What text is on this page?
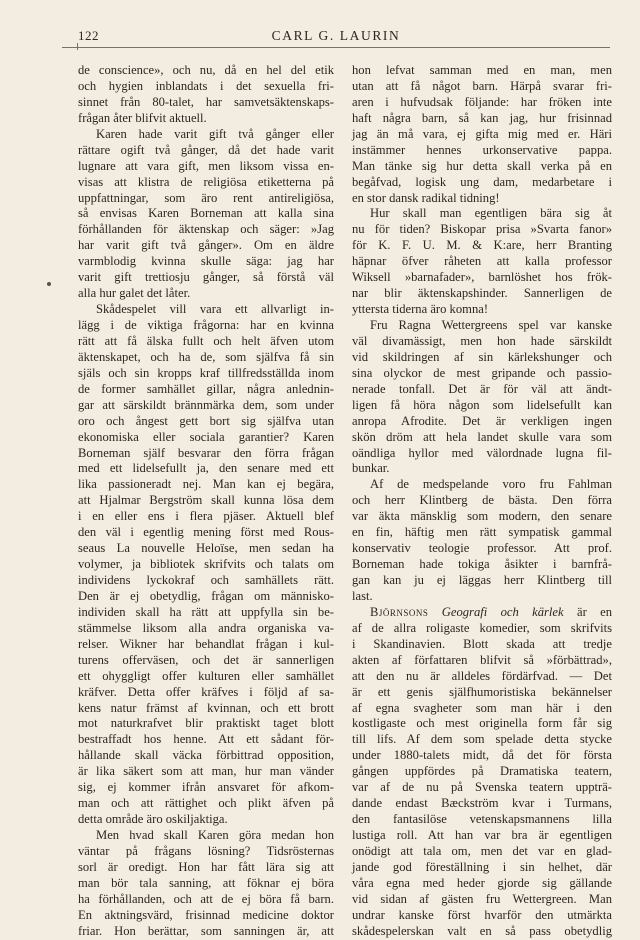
122	CARL G. LAURIN
de conscience», och nu, då en hel del etik
och hygien inblandats i det sexuella fri-
sinnet från 80-talet, har samvetsäktenskaps-
frågan åter blifvit aktuell.
Karen hade varit gift två gånger eller
rättare ogift två gånger, då det hade varit
lugnare att vara gift, men liksom vissa en-
visas att klistra de religiösa etiketterna på
uppfattningar, som äro rent antireligiösa,
så envisas Karen Borneman att kalla sina
förhållanden för äktenskap och säger: »Jag
har varit gift två gånger». Om en äldre
varmblodig kvinna skulle säga: jag har
varit gift trettiosju gånger, så förstå väl
alla hur galet det låter.
Skådespelet vill vara ett allvarligt in-
lägg i de viktiga frågorna: har en kvinna
rätt att få älska fullt och helt äfven utom
äktenskapet, och ha de, som själfva få sin
själs och sin kropps kraf tillfredsställda inom
de former samhället gillar, några anlednin-
gar att särskildt brännmärka dem, som under
oro och ångest gett bort sig själfva utan
ekonomiska eller sociala garantier? Karen
Borneman själf besvarar den förra frågan
med ett lidelsefullt ja, den senare med ett
lika passioneradt nej. Man kan ej begära,
att Hjalmar Bergström skall kunna lösa dem
i en eller ens i flera pjäser. Aktuell blef
den väl i egentlig mening först med Rous-
seaus La nouvelle Heloïse, men sedan ha
volymer, ja bibliotek skrifvits och talats om
individens lyckokraf och samhällets rätt.
Den är ej obetydlig, frågan om människo-
individen skall ha rätt att uppfylla sin be-
stämmelse liksom alla andra organiska va-
relser. Wikner har behandlat frågan i kul-
turens offerväsen, och det är sannerligen
ett ohyggligt offer kulturen eller samhället
kräfver. Detta offer kräfves i följd af sa-
kens natur främst af kvinnan, och ett brott
mot naturkrafvet blir praktiskt taget blott
bestraffadt hos henne. Att ett sådant för-
hållande skall väcka förbittrad opposition,
är lika säkert som att man, hur man vänder
sig, ej kommer ifrån ansvaret för afkom-
man och att rättighet och plikt äfven på
detta område äro oskiljaktiga.
Men hvad skall Karen göra medan hon
väntar på frågans lösning? Tidsrösternas
sorl är oredigt. Hon har fått lära sig att
man bör tala sanning, att föknar ej böra
ha förhållanden, och att de ej böra få barn.
En aktningsvärd, frisinnad medicine doktor
friar. Hon berättar, som sanningen är, att
hon lefvat samman med en man, men
utan att få något barn. Härpå svarar fri-
aren i hufvudsak följande: har fröken inte
haft några barn, så kan jag, hur frisinnad
jag än må vara, ej gifta mig med er. Häri
instämmer hennes urkonservative pappa.
Man tänke sig hur detta skall verka på en
begåfvad, logisk ung dam, medarbetare i
en stor dansk radikal tidning!
Hur skall man egentligen bära sig åt
nu för tiden? Biskopar prisa »Svarta fanor»
för K. F. U. M. & K:are, herr Branting
häpnar öfver råheten att kalla professor
Wiksell »barnafader», barnlöshet hos frök-
nar blir äktenskapshinder. Sannerligen de
yttersta tiderna äro komna!
Fru Ragna Wettergreens spel var kanske
väl divamässigt, men hon hade särskildt
vid skildringen af sin kärlekshunger och
sina olyckor de mest gripande och passio-
nerade tonfall. Det är för väl att ändt-
ligen få höra någon som lidelsefullt kan
anropa Afrodite. Det är verkligen ingen
skön dröm att hela landet skulle vara som
oändliga hyllor med välordnade lugna fil-
bunkar.
Af de medspelande voro fru Fahlman
och herr Klintberg de bästa. Den förra
var äkta mänsklig som modern, den senare
en fin, häftig men rätt sympatisk gammal
konservativ teologie professor. Att prof.
Borneman hade tokiga åsikter i barnfrå-
gan kan ju ej läggas herr Klintberg till
last.
Björnsons Geografi och kärlek är en
af de allra roligaste komedier, som skrifvits
i Skandinavien. Blott skada att tredje
akten af författaren blifvit så »förbättrad»,
att den nu är alldeles fördärfvad. — Det
är ett genis själfhumoristiska bekännelser
af egna svagheter som man här i den
kostligaste och mest originella form får sig
till lifs. Af dem som spelade detta stycke
under 1880-talets midt, då det för första
gången uppfördes på Dramatiska teatern,
var af de nu på Svenska teatern uppträ-
dande endast Bæckström kvar i Turmans,
den fantasilöse vetenskapsmannens lilla
lustiga roll. Att han var bra är egentligen
onödigt att tala om, men det var en glad-
jande god föreställning i sin helhet, där
våra egna med heder gjorde sig gällande
vid sidan af gästen fru Wettergreen. Man
undrar kanske först hvarför den utmärkta
skådespelerskan valt en så pass obetydlig
